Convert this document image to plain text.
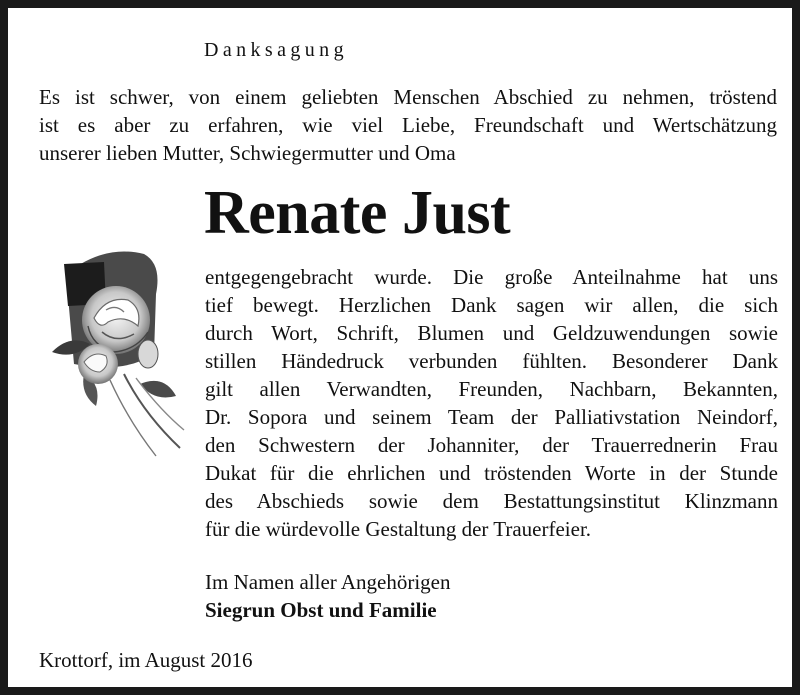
Danksagung
Es ist schwer, von einem geliebten Menschen Abschied zu nehmen, tröstend
ist es aber zu erfahren, wie viel Liebe, Freundschaft und Wertschätzung
unserer lieben Mutter, Schwiegermutter und Oma
Renate Just
entgegengebracht wurde. Die große Anteilnahme hat uns
tief bewegt. Herzlichen Dank sagen wir allen, die sich
durch Wort, Schrift, Blumen und Geldzuwendungen sowie
stillen Händedruck verbunden fühlten. Besonderer Dank
gilt allen Verwandten, Freunden, Nachbarn, Bekannten,
Dr. Sopora und seinem Team der Palliativstation Neindorf,
den Schwestern der Johanniter, der Trauerrednerin Frau
Dukat für die ehrlichen und tröstenden Worte in der Stunde
des Abschieds sowie dem Bestattungsinstitut Klinzmann
für die würdevolle Gestaltung der Trauerfeier.
Im Namen aller Angehörigen
Siegrun Obst und Familie
Krottorf, im August 2016
